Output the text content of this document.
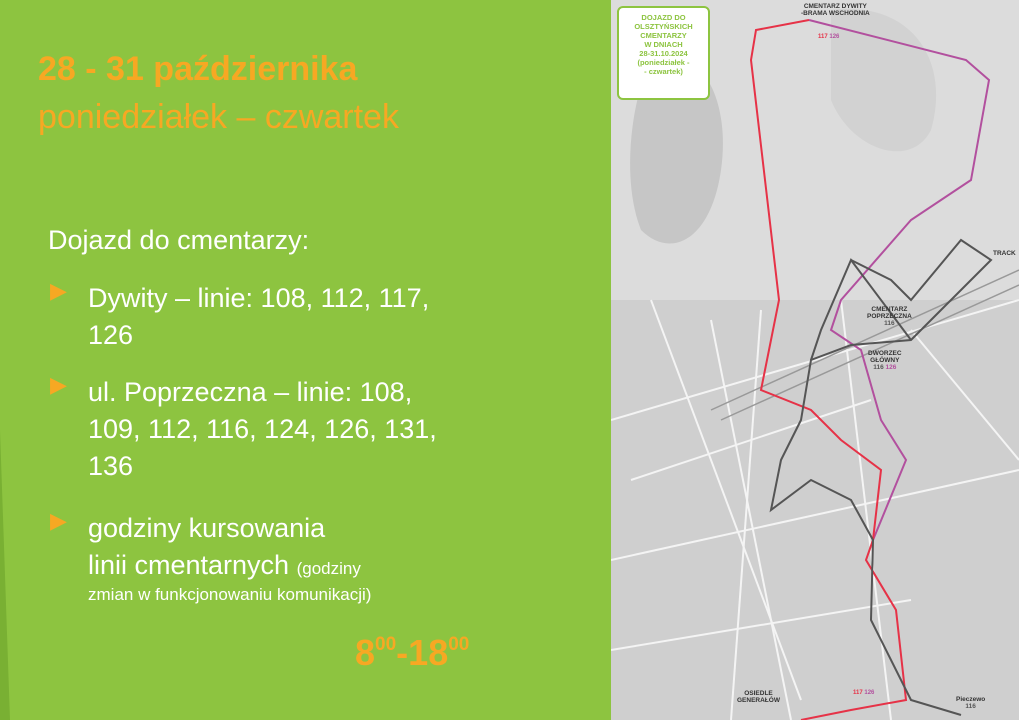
28 - 31 października
poniedziałek – czwartek
Dojazd do cmentarzy:
▶ Dywity – linie: 108, 112, 117,
126
▶ ul. Poprzeczna – linie: 108,
109, 112, 116, 124, 126, 131,
136
▶ godziny kursowania
linii cmentarnych (godziny
zmian w funkcjonowaniu komunikacji)
$8^{00}-18^{00}$
DOJAZD DO
OLSZTYŃSKICH
CMENTARZY
W DNIACH
28-31.10.2024
(poniedziałek -
- czwartek)
CMENTARZ DYWITY
-BRAMA WSCHODNIA
117 126
CMENTARZ
POPRZECZNA
116
DWORZEC
GŁÓWNY
116 126
OSIEDLE
GENERAŁÓW	Pieczewo
116
TRACK
117 126
